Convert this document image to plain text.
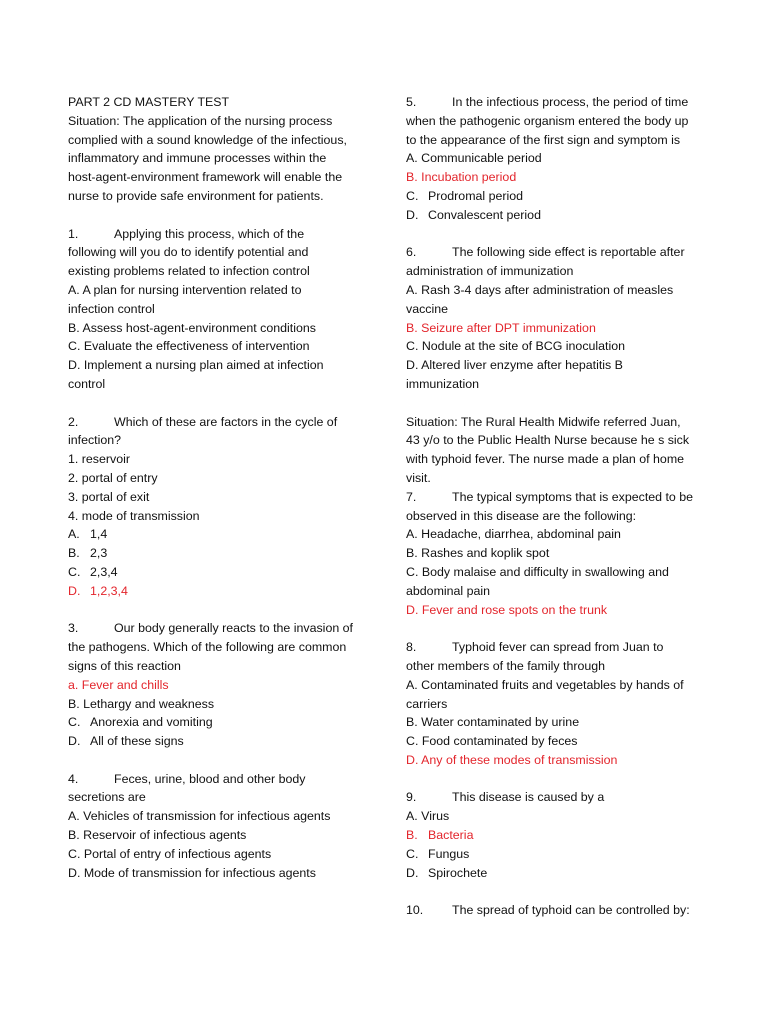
PART 2 CD MASTERY TEST
Situation: The application of the nursing process
complied with a sound knowledge of the infectious,
inflammatory and immune processes within the
host-agent-environment framework will enable the
nurse to provide safe environment for patients.
1.	Applying this process, which of the
following will you do to identify potential and
existing problems related to infection control
A. A plan for nursing intervention related to
infection control
B. Assess host-agent-environment conditions
C. Evaluate the effectiveness of intervention
D. Implement a nursing plan aimed at infection
control
2.	Which of these are factors in the cycle of
infection?
1. reservoir
2. portal of entry
3. portal of exit
4. mode of transmission
A. 1,4
B. 2,3
C. 2,3,4
D. 1,2,3,4
3.	Our body generally reacts to the invasion of
the pathogens. Which of the following are common
signs of this reaction
a. Fever and chills
B. Lethargy and weakness
C. Anorexia and vomiting
D. All of these signs
4.	Feces, urine, blood and other body
secretions are
A. Vehicles of transmission for infectious agents
B. Reservoir of infectious agents
C. Portal of entry of infectious agents
D. Mode of transmission for infectious agents
5.	In the infectious process, the period of time
when the pathogenic organism entered the body up
to the appearance of the first sign and symptom is
A. Communicable period
B. Incubation period
C. Prodromal period
D. Convalescent period
6.	The following side effect is reportable after
administration of immunization
A. Rash 3-4 days after administration of measles
vaccine
B. Seizure after DPT immunization
C. Nodule at the site of BCG inoculation
D. Altered liver enzyme after hepatitis B
immunization
Situation: The Rural Health Midwife referred Juan,
43 y/o to the Public Health Nurse because he s sick
with typhoid fever. The nurse made a plan of home
visit.
7.	The typical symptoms that is expected to be
observed in this disease are the following:
A. Headache, diarrhea, abdominal pain
B. Rashes and koplik spot
C. Body malaise and difficulty in swallowing and
abdominal pain
D. Fever and rose spots on the trunk
8.	Typhoid fever can spread from Juan to
other members of the family through
A. Contaminated fruits and vegetables by hands of
carriers
B. Water contaminated by urine
C. Food contaminated by feces
D. Any of these modes of transmission
9.	This disease is caused by a
A. Virus
B. Bacteria
C. Fungus
D. Spirochete
10. The spread of typhoid can be controlled by:
